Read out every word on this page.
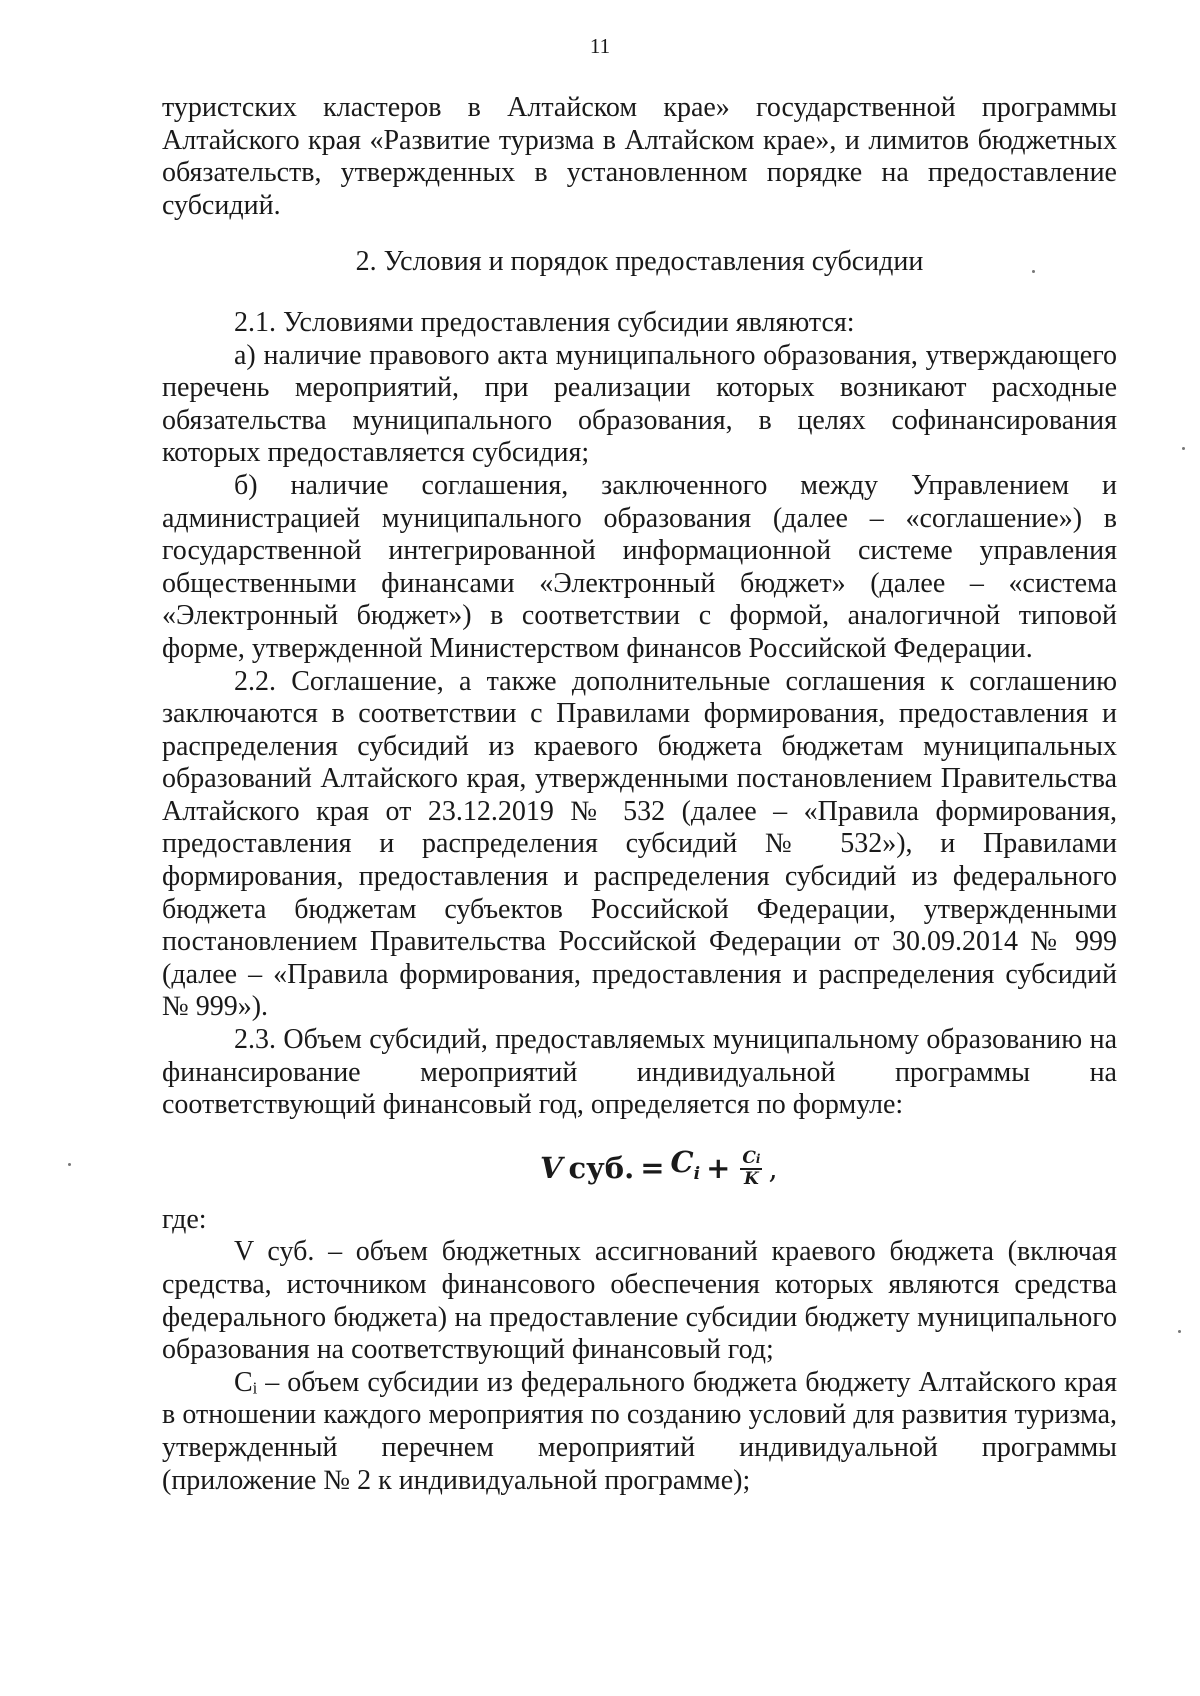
11

туристских кластеров в Алтайском крае» государственной программы Алтайского края «Развитие туризма в Алтайском крае», и лимитов бюджетных обязательств, утвержденных в установленном порядке на предоставление субсидий.

2. Условия и порядок предоставления субсидии

2.1. Условиями предоставления субсидии являются:

а) наличие правового акта муниципального образования, утверждающего перечень мероприятий, при реализации которых возникают расходные обязательства муниципального образования, в целях софинансирования которых предоставляется субсидия;

б) наличие соглашения, заключенного между Управлением и администрацией муниципального образования (далее – «соглашение») в государственной интегрированной информационной системе управления общественными финансами «Электронный бюджет» (далее – «система «Электронный бюджет») в соответствии с формой, аналогичной типовой форме, утвержденной Министерством финансов Российской Федерации.

2.2. Соглашение, а также дополнительные соглашения к соглашению заключаются в соответствии с Правилами формирования, предоставления и распределения субсидий из краевого бюджета бюджетам муниципальных образований Алтайского края, утвержденными постановлением Правительства Алтайского края от 23.12.2019 № 532 (далее – «Правила формирования, предоставления и распределения субсидий № 532»), и Правилами формирования, предоставления и распределения субсидий из федерального бюджета бюджетам субъектов Российской Федерации, утвержденными постановлением Правительства Российской Федерации от 30.09.2014 № 999 (далее – «Правила формирования, предоставления и распределения субсидий № 999»).

2.3. Объем субсидий, предоставляемых муниципальному образованию на финансирование мероприятий индивидуальной программы на соответствующий финансовый год, определяется по формуле:

V суб. = $C_i + \frac{Ci}{K}$ ,

где:

V суб. – объем бюджетных ассигнований краевого бюджета (включая средства, источником финансового обеспечения которых являются средства федерального бюджета) на предоставление субсидии бюджету муниципального образования на соответствующий финансовый год;

Cᵢ – объем субсидии из федерального бюджета бюджету Алтайского края в отношении каждого мероприятия по созданию условий для развития туризма, утвержденный перечнем мероприятий индивидуальной программы (приложение № 2 к индивидуальной программе);
